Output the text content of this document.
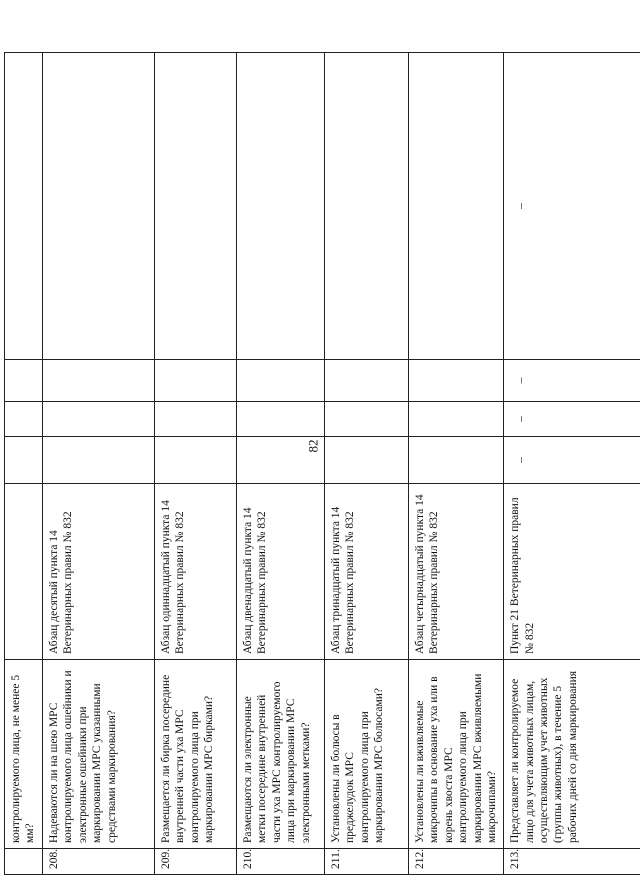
82
	контролируемого лица, не менее 5 мм?		

208.	Надеваются ли на шею МРС контролируемого лица ошейники и электронные ошейники при маркировании МРС указанными средствами маркирования?	Абзац десятый пункта 14 Ветеринарных правил № 832	

209.	Размещается ли бирка посередине внутренней части уха МРС контролируемого лица при маркировании МРС бирками?	Абзац одиннадцатый пункта 14 Ветеринарных правил № 832	

210.	Размещаются ли электронные метки посередине внутренней части уха МРС контролируемого лица при маркировании МРС электронными метками?	Абзац двенадцатый пункта 14 Ветеринарных правил № 832	

211.	Установлены ли болюсы в преджелудок МРС контролируемого лица при маркировании МРС болюсами?	Абзац тринадцатый пункта 14 Ветеринарных правил № 832	

212.	Установлены ли вживляемые микрочипы в основание уха или в корень хвоста МРС контролируемого лица при маркировании МРС вживляемыми микрочипами?	Абзац четырнадцатый пункта 14 Ветеринарных правил № 832	

213.	Представляет ли контролируемое лицо для учета животных лицам, осуществляющим учет животных (группы животных), в течение 5 рабочих дней со дня маркирования	Пункт 21 Ветеринарных правил № 832	–	–	–	–
